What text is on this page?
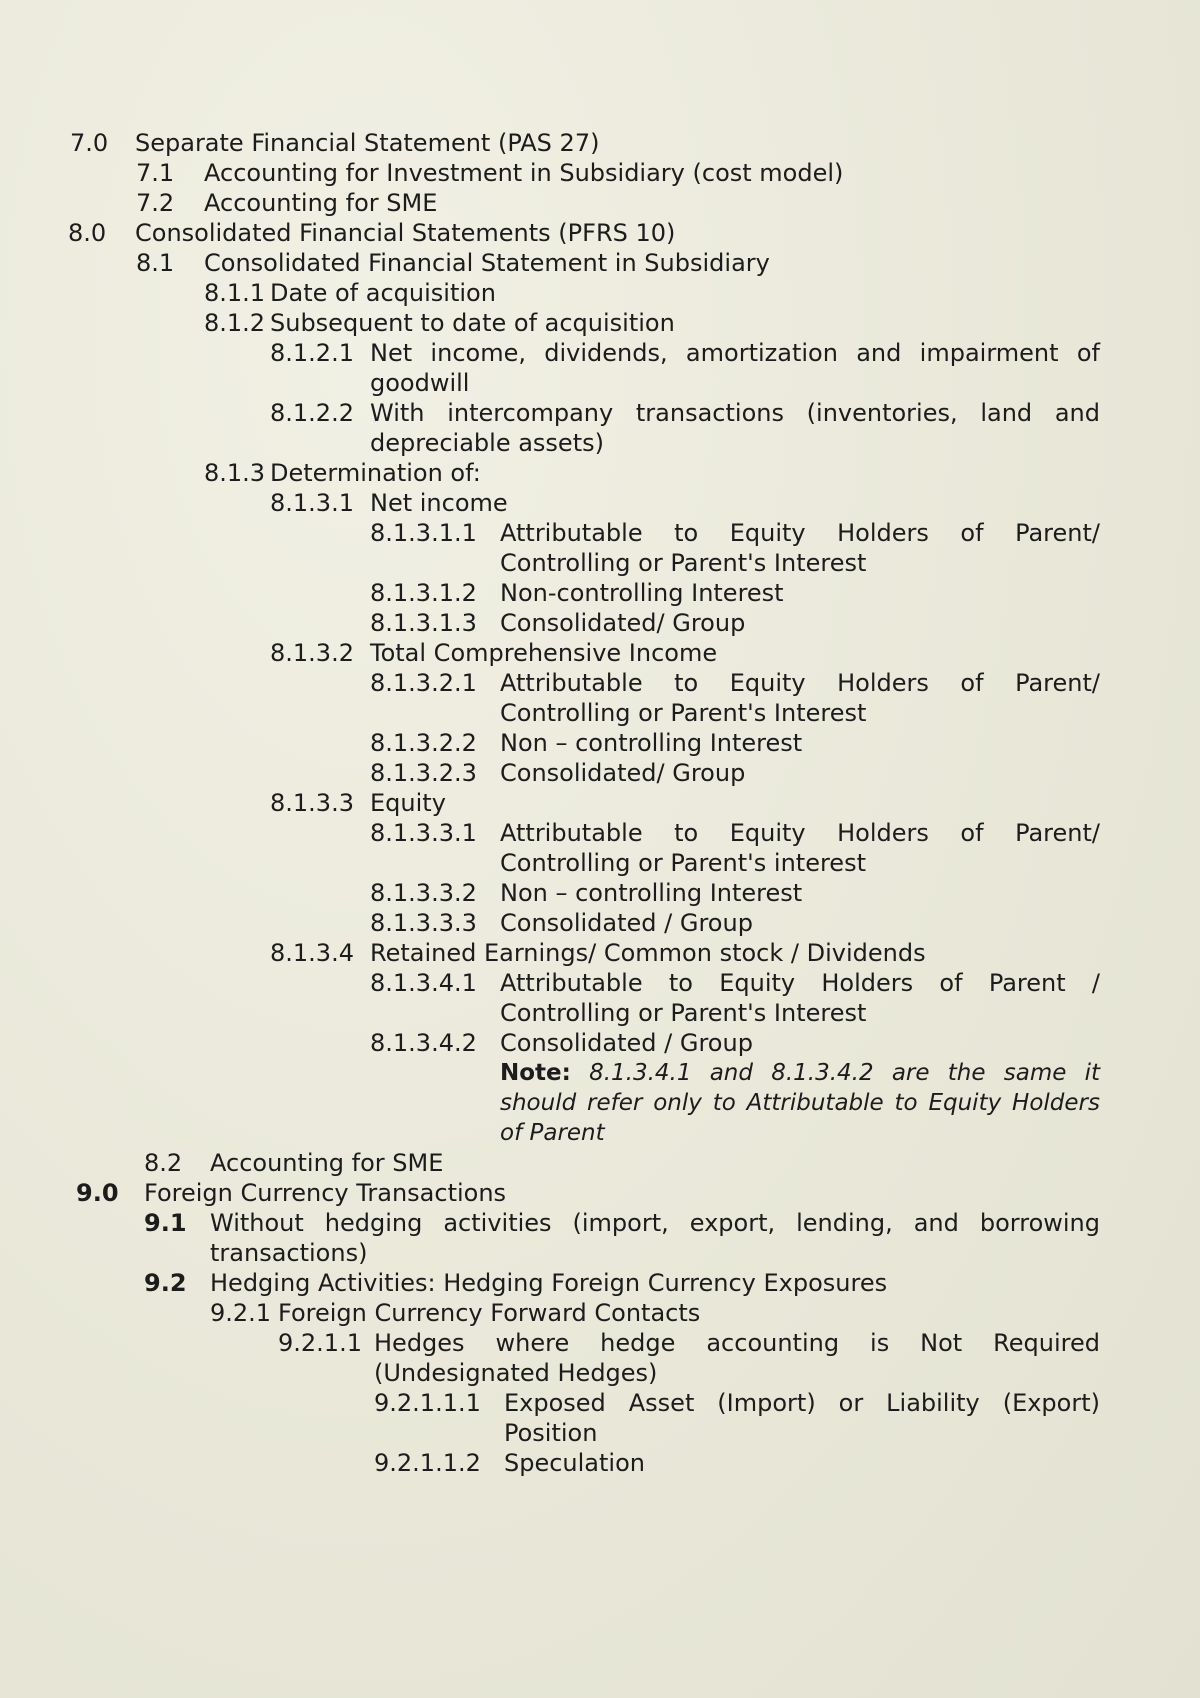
7.0	Separate Financial Statement (PAS 27)
7.1	Accounting for Investment in Subsidiary (cost model)
7.2	Accounting for SME
8.0	Consolidated Financial Statements (PFRS 10)
8.1	Consolidated Financial Statement in Subsidiary
8.1.1 Date of acquisition
8.1.2 Subsequent to date of acquisition
8.1.2.1 Net income, dividends, amortization and impairment of goodwill
8.1.2.2 With intercompany transactions (inventories, land and depreciable assets)
8.1.3 Determination of:
8.1.3.1 Net income
8.1.3.1.1 Attributable to Equity Holders of Parent/ Controlling or Parent's Interest
8.1.3.1.2 Non-controlling Interest
8.1.3.1.3 Consolidated/ Group
8.1.3.2 Total Comprehensive Income
8.1.3.2.1 Attributable to Equity Holders of Parent/ Controlling or Parent's Interest
8.1.3.2.2 Non – controlling Interest
8.1.3.2.3 Consolidated/ Group
8.1.3.3 Equity
8.1.3.3.1 Attributable to Equity Holders of Parent/ Controlling or Parent's interest
8.1.3.3.2 Non – controlling Interest
8.1.3.3.3 Consolidated / Group
8.1.3.4 Retained Earnings/ Common stock / Dividends
8.1.3.4.1 Attributable to Equity Holders of Parent / Controlling or Parent's Interest
8.1.3.4.2 Consolidated / Group
Note: 8.1.3.4.1 and 8.1.3.4.2 are the same it should refer only to Attributable to Equity Holders of Parent
8.2	Accounting for SME
9.0	Foreign Currency Transactions
9.1 Without hedging activities (import, export, lending, and borrowing transactions)
9.2 Hedging Activities: Hedging Foreign Currency Exposures
9.2.1 Foreign Currency Forward Contacts
9.2.1.1 Hedges where hedge accounting is Not Required (Undesignated Hedges)
9.2.1.1.1 Exposed Asset (Import) or Liability (Export) Position
9.2.1.1.2 Speculation
